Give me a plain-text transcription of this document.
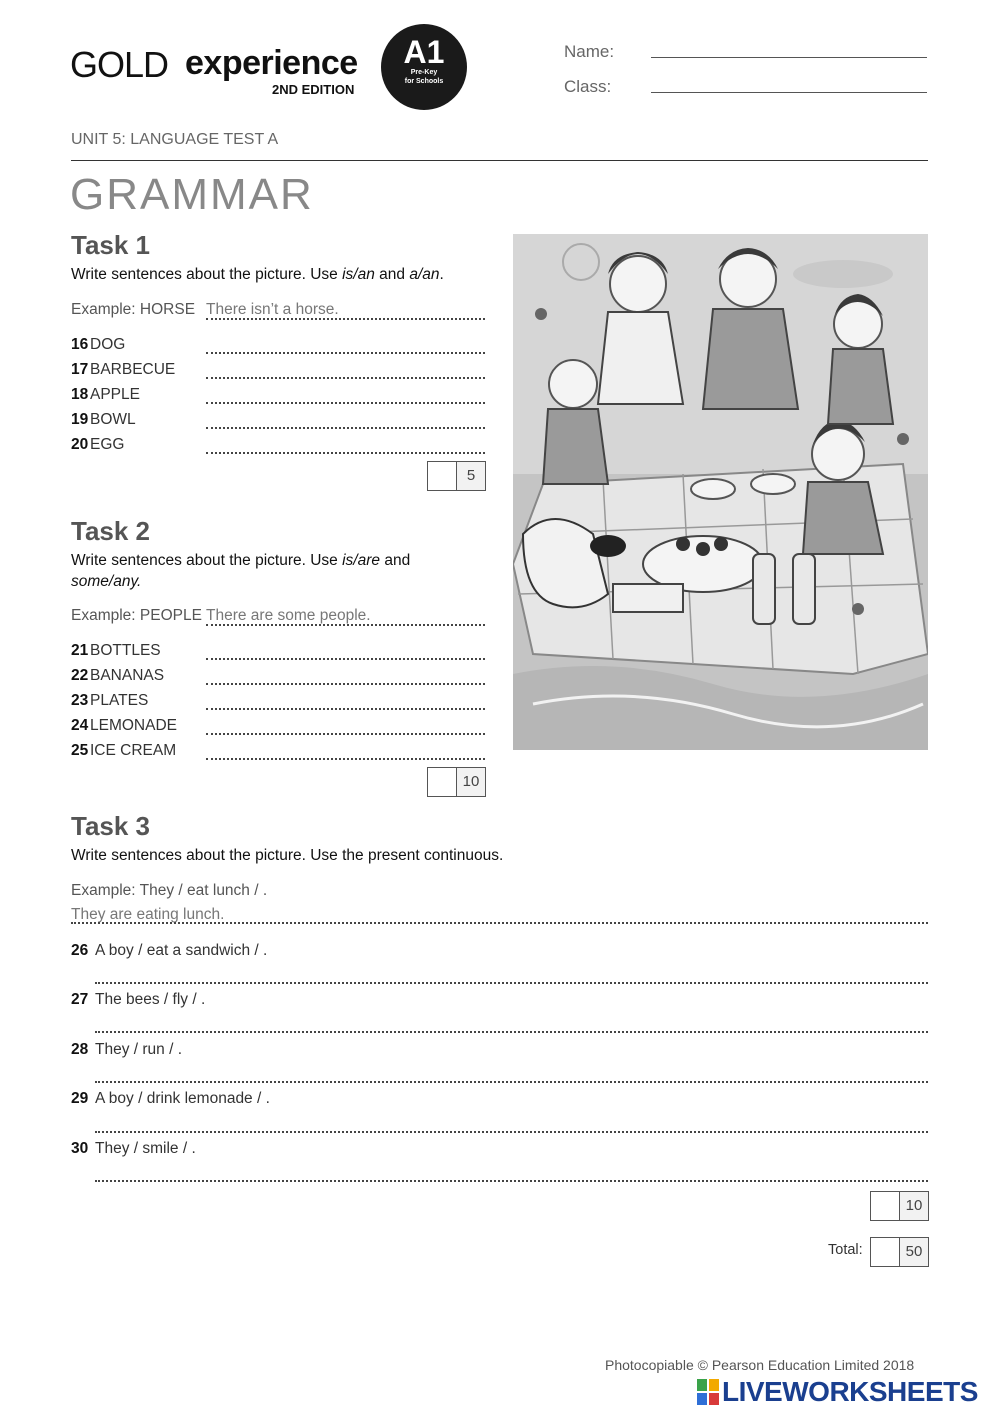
GOLD experience
2ND EDITION
A1
Pre-Key
for Schools
Name:
Class:
UNIT 5: LANGUAGE TEST A
GRAMMAR
Task 1
Write sentences about the picture. Use is/an and a/an.
Example: HORSE There isn’t a horse.
16 DOG
17 BARBECUE
18 APPLE
19 BOWL
20 EGG
5
Task 2
Write sentences about the picture. Use is/are and
some/any.
Example: PEOPLE There are some people.
21 BOTTLES
22 BANANAS
23 PLATES
24 LEMONADE
25 ICE CREAM
10
Task 3
Write sentences about the picture. Use the present continuous.
Example: They / eat lunch / .
They are eating lunch.
26 A boy / eat a sandwich / .
27 The bees / fly / .
28 They / run / .
29 A boy / drink lemonade / .
30 They / smile / .
10
Total:	50
Photocopiable © Pearson Education Limited 2018
LIVEWORKSHEETS
